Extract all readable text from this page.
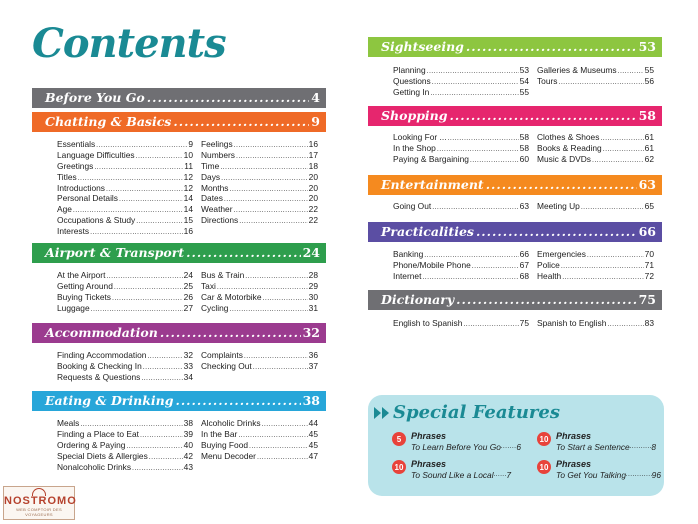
Contents
Before You Go .....	4
Chatting & Basics .....	9
Essentials .....	9
Language Difficulties .....	10
Greetings .....	11
Titles .....	12
Introductions .....	12
Personal Details .....	14
Age .....	14
Occupations & Study .....	15
Interests .....	16
Feelings .....	16
Numbers .....	17
Time .....	18
Days .....	20
Months .....	20
Dates .....	20
Weather .....	22
Directions .....	22
Airport & Transport .....	24
At the Airport .....	24
Getting Around .....	25
Buying Tickets .....	26
Luggage .....	27
Bus & Train .....	28
Taxi .....	29
Car & Motorbike .....	30
Cycling .....	31
Accommodation .....	32
Finding Accommodation .....	32
Booking & Checking In .....	33
Requests & Questions .....	34
Complaints .....	36
Checking Out .....	37
Eating & Drinking .....	38
Meals .....	38
Finding a Place to Eat .....	39
Ordering & Paying .....	40
Special Diets & Allergies .....	42
Nonalcoholic Drinks .....	43
Alcoholic Drinks .....	44
In the Bar .....	45
Buying Food .....	45
Menu Decoder .....	47
Sightseeing .....	53
Planning .....	53
Questions .....	54
Getting In .....	55
Galleries & Museums .....	55
Tours .....	56
Shopping .....	58
Looking For ... .....	58
In the Shop .....	58
Paying & Bargaining .....	60
Clothes & Shoes .....	61
Books & Reading .....	61
Music & DVDs .....	62
Entertainment .....	63
Going Out .....	63 Meeting Up .....	65
Practicalities .....	66
Banking .....	66
Phone/Mobile Phone .....	67
Internet .....	68
Emergencies .....	70
Police .....	71
Health .....	72
Dictionary .....	75
English to Spanish .....	75 Spanish to English .....	83
Special Features
5	Phrases
To Learn Before You Go ..... 6
10 Phrases
To Start a Sentence .....	8
10 Phrases
To Sound Like a Local ..... 7
10 Phrases
To Get You Talking .....	96
NOSTROMO
WEB COMPTOIR DES VOYAGEURS
